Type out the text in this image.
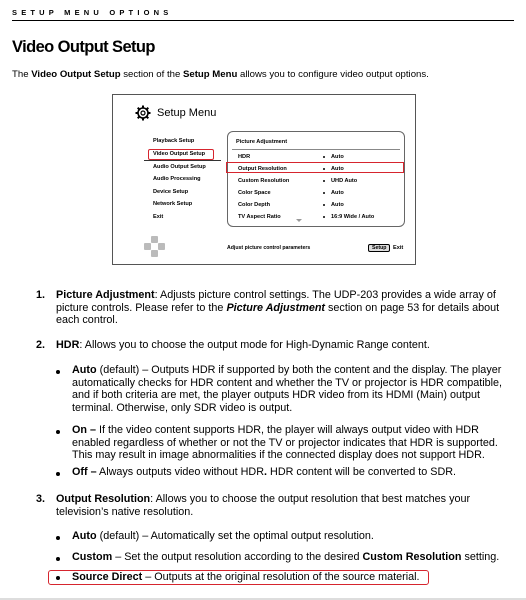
SETUP MENU OPTIONS
Video Output Setup
The Video Output Setup section of the Setup Menu allows you to configure video output options.
Setup Menu
Playback Setup
Video Output Setup
Audio Output Setup
Audio Processing
Device Setup
Network Setup
Exit
Picture Adjustment
HDR	Auto
Output Resolution	Auto
Custom Resolution	UHD Auto
Color Space	Auto
Color Depth	Auto
TV Aspect Ratio	16:9 Wide / Auto
Adjust picture control parameters	Setup	Exit
1. Picture Adjustment: Adjusts picture control settings. The UDP-203 provides a wide array of
picture controls. Please refer to the Picture Adjustment section on page 53 for details about
each control.
2. HDR: Allows you to choose the output mode for High-Dynamic Range content.
Auto (default) – Outputs HDR if supported by both the content and the display. The player
automatically checks for HDR content and whether the TV or projector is HDR compatible,
and if both criteria are met, the player outputs HDR video from its HDMI (Main) output
terminal. Otherwise, only SDR video is output.
On – If the video content supports HDR, the player will always output video with HDR
enabled regardless of whether or not the TV or projector indicates that HDR is supported.
This may result in image abnormalities if the connected display does not support HDR.
Off – Always outputs video without HDR. HDR content will be converted to SDR.
3. Output Resolution: Allows you to choose the output resolution that best matches your
television’s native resolution.
Auto (default) – Automatically set the optimal output resolution.
Custom – Set the output resolution according to the desired Custom Resolution setting.
Source Direct – Outputs at the original resolution of the source material.
